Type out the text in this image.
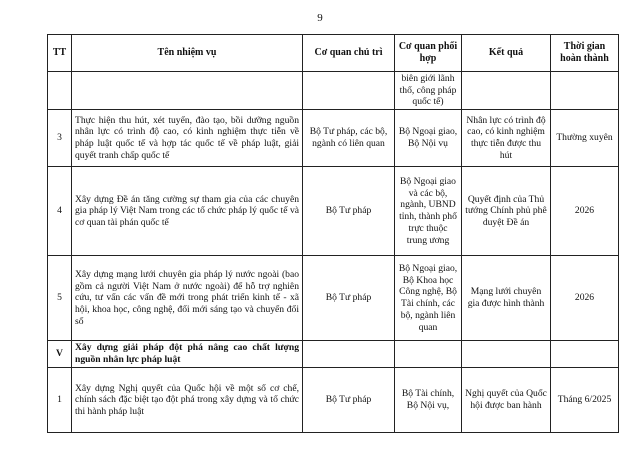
9
TT	Tên nhiệm vụ	Cơ quan chủ trì	Cơ quan phối hợp	Kết quả	Thời gian hoàn thành
			biên giới lãnh thổ, công pháp quốc tế)		
3	Thực hiện thu hút, xét tuyển, đào tạo, bồi dưỡng nguồn nhân lực có trình độ cao, có kinh nghiệm thực tiễn về pháp luật quốc tế và hợp tác quốc tế về pháp luật, giải quyết tranh chấp quốc tế	Bộ Tư pháp, các bộ, ngành có liên quan	Bộ Ngoại giao, Bộ Nội vụ	Nhân lực có trình độ cao, có kinh nghiệm thực tiễn được thu hút	Thường xuyên
4	Xây dựng Đề án tăng cường sự tham gia của các chuyên gia pháp lý Việt Nam trong các tổ chức pháp lý quốc tế và cơ quan tài phán quốc tế	Bộ Tư pháp	Bộ Ngoại giao và các bộ, ngành, UBND tỉnh, thành phố trực thuộc trung ương	Quyết định của Thủ tướng Chính phủ phê duyệt Đề án	2026
5	Xây dựng mạng lưới chuyên gia pháp lý nước ngoài (bao gồm cả người Việt Nam ở nước ngoài) để hỗ trợ nghiên cứu, tư vấn các vấn đề mới trong phát triển kinh tế - xã hội, khoa học, công nghệ, đổi mới sáng tạo và chuyển đổi số	Bộ Tư pháp	Bộ Ngoại giao, Bộ Khoa học Công nghệ, Bộ Tài chính, các bộ, ngành liên quan	Mạng lưới chuyên gia được hình thành	2026
V	Xây dựng giải pháp đột phá nâng cao chất lượng nguồn nhân lực pháp luật				
1	Xây dựng Nghị quyết của Quốc hội về một số cơ chế, chính sách đặc biệt tạo đột phá trong xây dựng và tổ chức thi hành pháp luật	Bộ Tư pháp	Bộ Tài chính, Bộ Nội vụ,	Nghị quyết của Quốc hội được ban hành	Tháng 6/2025
